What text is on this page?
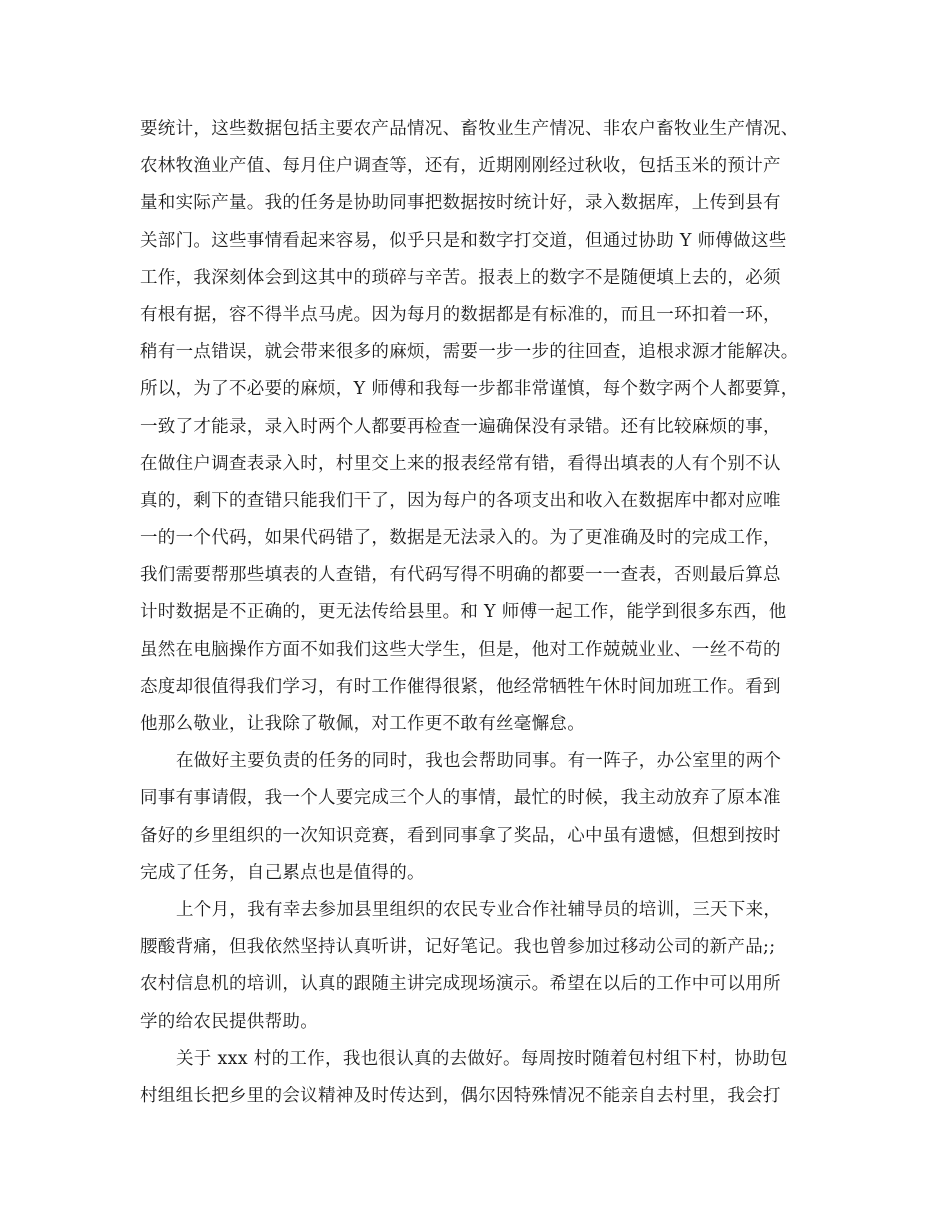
要统计，这些数据包括主要农产品情况、畜牧业生产情况、非农户畜牧业生产情况、
农林牧渔业产值、每月住户调查等，还有，近期刚刚经过秋收，包括玉米的预计产
量和实际产量。我的任务是协助同事把数据按时统计好，录入数据库，上传到县有
关部门。这些事情看起来容易，似乎只是和数字打交道，但通过协助 Y 师傅做这些
工作，我深刻体会到这其中的琐碎与辛苦。报表上的数字不是随便填上去的，必须
有根有据，容不得半点马虎。因为每月的数据都是有标准的，而且一环扣着一环，
稍有一点错误，就会带来很多的麻烦，需要一步一步的往回查，追根求源才能解决。
所以，为了不必要的麻烦，Y 师傅和我每一步都非常谨慎，每个数字两个人都要算，
一致了才能录，录入时两个人都要再检查一遍确保没有录错。还有比较麻烦的事，
在做住户调查表录入时，村里交上来的报表经常有错，看得出填表的人有个别不认
真的，剩下的查错只能我们干了，因为每户的各项支出和收入在数据库中都对应唯
一的一个代码，如果代码错了，数据是无法录入的。为了更准确及时的完成工作，
我们需要帮那些填表的人查错，有代码写得不明确的都要一一查表，否则最后算总
计时数据是不正确的，更无法传给县里。和 Y 师傅一起工作，能学到很多东西，他
虽然在电脑操作方面不如我们这些大学生，但是，他对工作兢兢业业、一丝不苟的
态度却很值得我们学习，有时工作催得很紧，他经常牺牲午休时间加班工作。看到
他那么敬业，让我除了敬佩，对工作更不敢有丝毫懈怠。
在做好主要负责的任务的同时，我也会帮助同事。有一阵子，办公室里的两个
同事有事请假，我一个人要完成三个人的事情，最忙的时候，我主动放弃了原本准
备好的乡里组织的一次知识竞赛，看到同事拿了奖品，心中虽有遗憾，但想到按时
完成了任务，自己累点也是值得的。
上个月，我有幸去参加县里组织的农民专业合作社辅导员的培训，三天下来，
腰酸背痛，但我依然坚持认真听讲，记好笔记。我也曾参加过移动公司的新产品;;
农村信息机的培训，认真的跟随主讲完成现场演示。希望在以后的工作中可以用所
学的给农民提供帮助。
关于 xxx 村的工作，我也很认真的去做好。每周按时随着包村组下村，协助包
村组组长把乡里的会议精神及时传达到，偶尔因特殊情况不能亲自去村里，我会打
